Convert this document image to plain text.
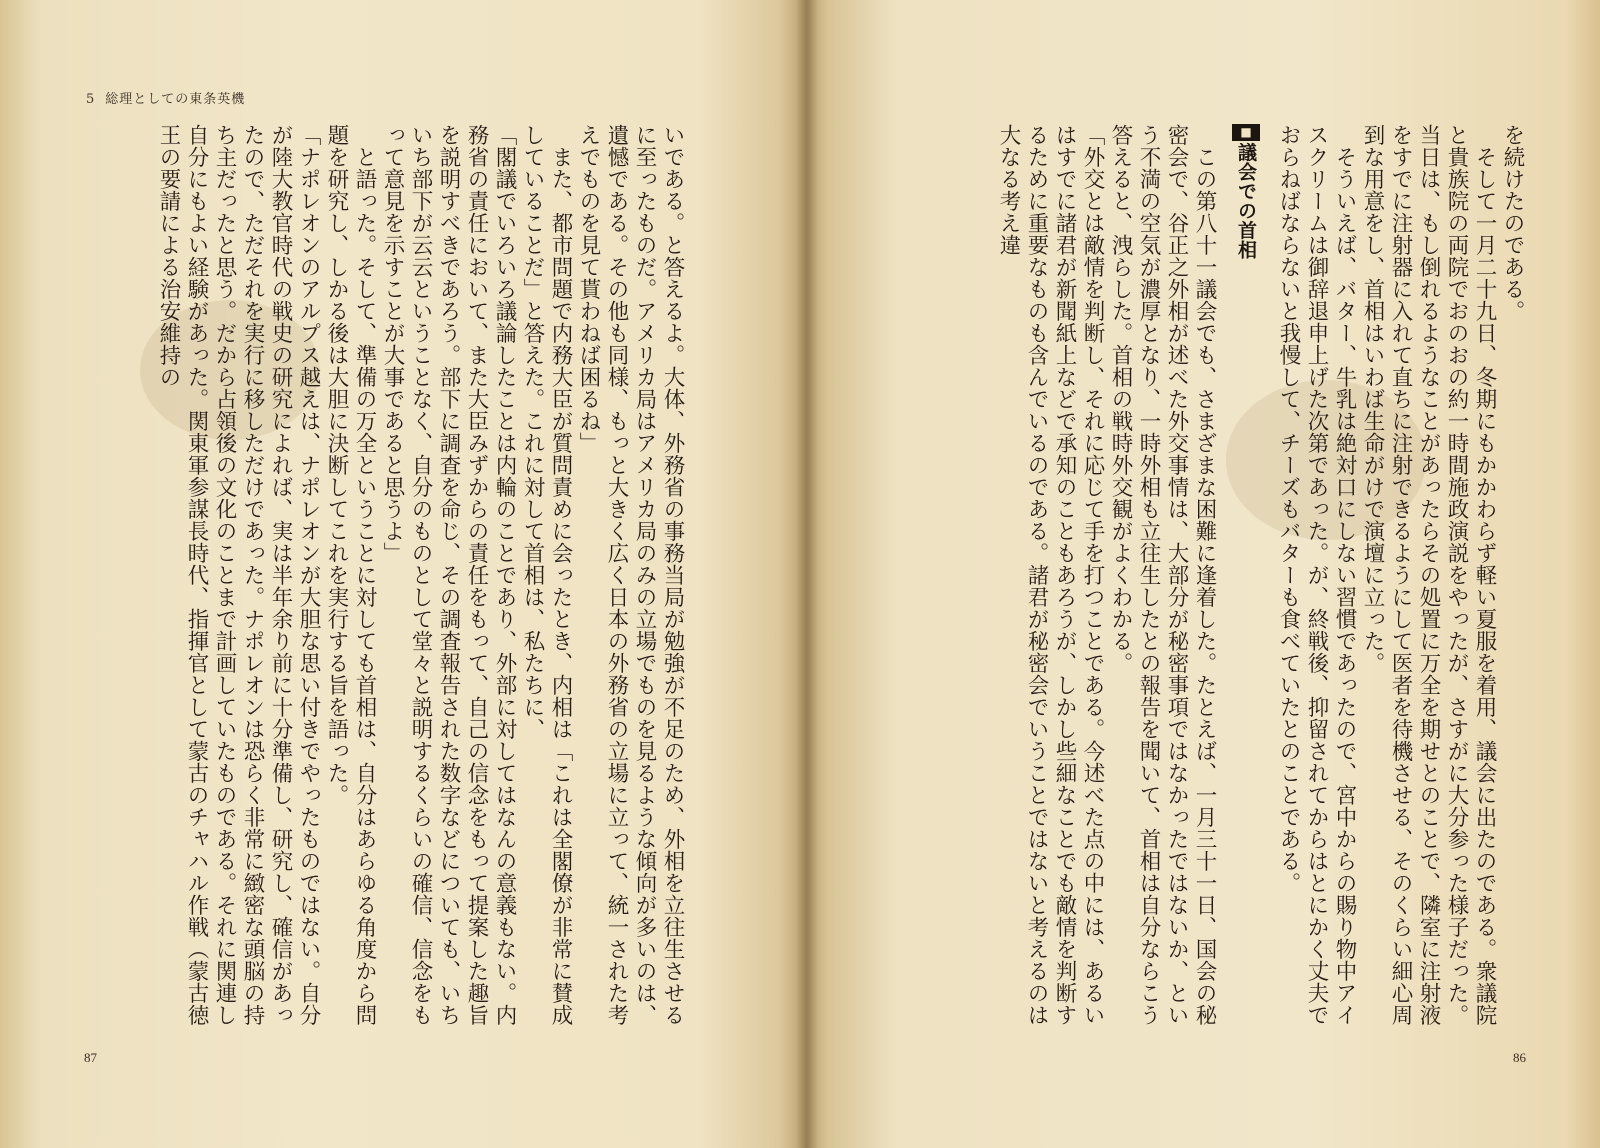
5 総理としての東条英機

いである。と答えるよ。大体、外務省の事務当局が勉強が不足のため、外相を立往生させるに至ったものだ。アメリカ局はアメリカ局のみの立場でものを見るような傾向が多いのは、遺憾である。その他も同様、もっと大きく広く日本の外務省の立場に立って、統一された考えでものを見て貰わねば困るね」

また、都市問題で内務大臣が質問責めに会ったとき、内相は「これは全閣僚が非常に賛成していることだ」と答えた。これに対して首相は、私たちに、

「閣議でいろいろ議論したことは内輪のことであり、外部に対してはなんの意義もない。内務省の責任において、また大臣みずからの責任をもって、自己の信念をもって提案した趣旨を説明すべきであろう。部下に調査を命じ、その調査報告された数字などについても、いちいち部下が云云ということなく、自分のものとして堂々と説明するくらいの確信、信念をもって意見を示すことが大事であると思うよ」

と語った。そして、準備の万全ということに対しても首相は、自分はあらゆる角度から問題を研究し、しかる後は大胆に決断してこれを実行する旨を語った。

「ナポレオンのアルプス越えは、ナポレオンが大胆な思い付きでやったものではない。自分が陸大教官時代の戦史の研究によれば、実は半年余り前に十分準備し、研究し、確信があったので、ただそれを実行に移しただけであった。ナポレオンは恐らく非常に緻密な頭脳の持ち主だったと思う。だから占領後の文化のことまで計画していたものである。それに関連し自分にもよい経験があった。関東軍参謀長時代、指揮官として蒙古のチャハル作戦（蒙古徳王の要請による治安維持の

87

を続けたのである。

そして一月二十九日、冬期にもかかわらず軽い夏服を着用、議会に出たのである。衆議院と貴族院の両院でおのおの約一時間施政演説をやったが、さすがに大分参った様子だった。当日は、もし倒れるようなことがあったらその処置に万全を期せとのことで、隣室に注射液をすでに注射器に入れて直ちに注射できるようにして医者を待機させる、そのくらい細心周到な用意をし、首相はいわば生命がけで演壇に立った。

そういえば、バター、牛乳は絶対口にしない習慣であったので、宮中からの賜り物中アイスクリームは御辞退申上げた次第であった。が、終戦後、抑留されてからはとにかく丈夫でおらねばならないと我慢して、チーズもバターも食べていたとのことである。

■議会での首相

この第八十一議会でも、さまざまな困難に逢着した。たとえば、一月三十一日、国会の秘密会で、谷正之外相が述べた外交事情は、大部分が秘密事項ではなかったではないか、という不満の空気が濃厚となり、一時外相も立往生したとの報告を聞いて、首相は自分ならこう答えると、洩らした。首相の戦時外交観がよくわかる。

「外交とは敵情を判断し、それに応じて手を打つことである。今述べた点の中には、あるいはすでに諸君が新聞紙上などで承知のこともあろうが、しかし些細なことでも敵情を判断するために重要なものも含んでいるのである。諸君が秘密会でいうことではないと考えるのは大なる考え違

86
